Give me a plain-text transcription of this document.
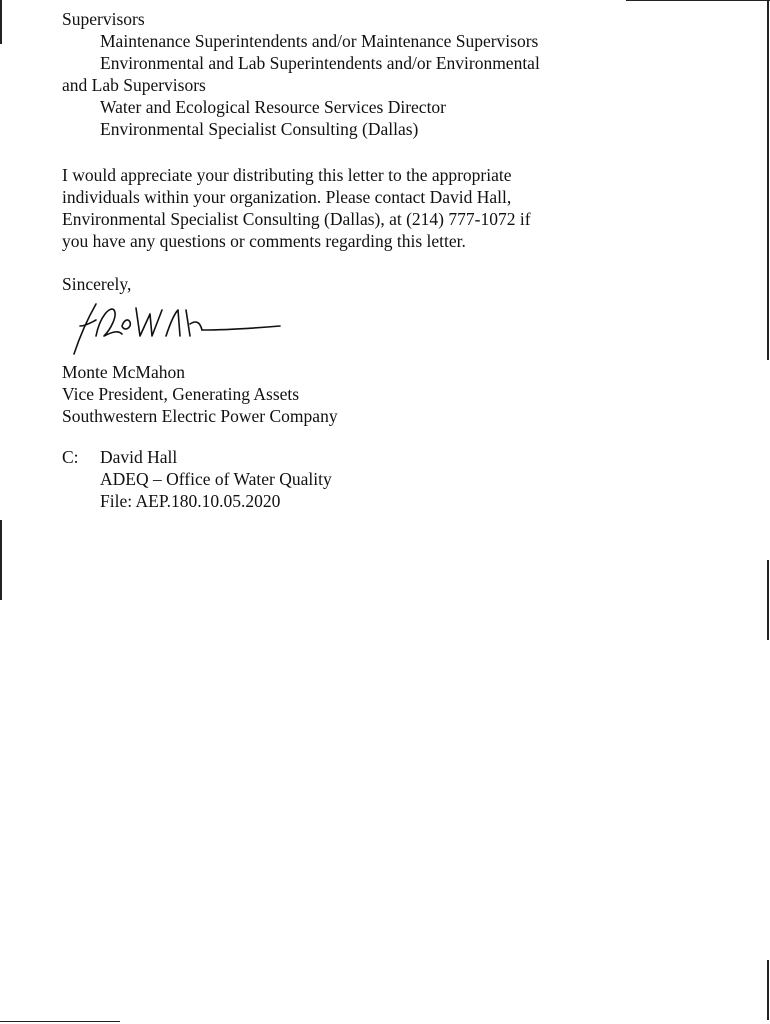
Supervisors
Maintenance Superintendents and/or Maintenance Supervisors
Environmental and Lab Superintendents and/or Environmental
and Lab Supervisors
Water and Ecological Resource Services Director
Environmental Specialist Consulting (Dallas)
I would appreciate your distributing this letter to the appropriate
individuals within your organization. Please contact David Hall,
Environmental Specialist Consulting (Dallas), at (214) 777-1072 if
you have any questions or comments regarding this letter.
Sincerely,
Monte McMahon
Vice President, Generating Assets
Southwestern Electric Power Company
C:	David Hall
ADEQ – Office of Water Quality
File: AEP.180.10.05.2020
